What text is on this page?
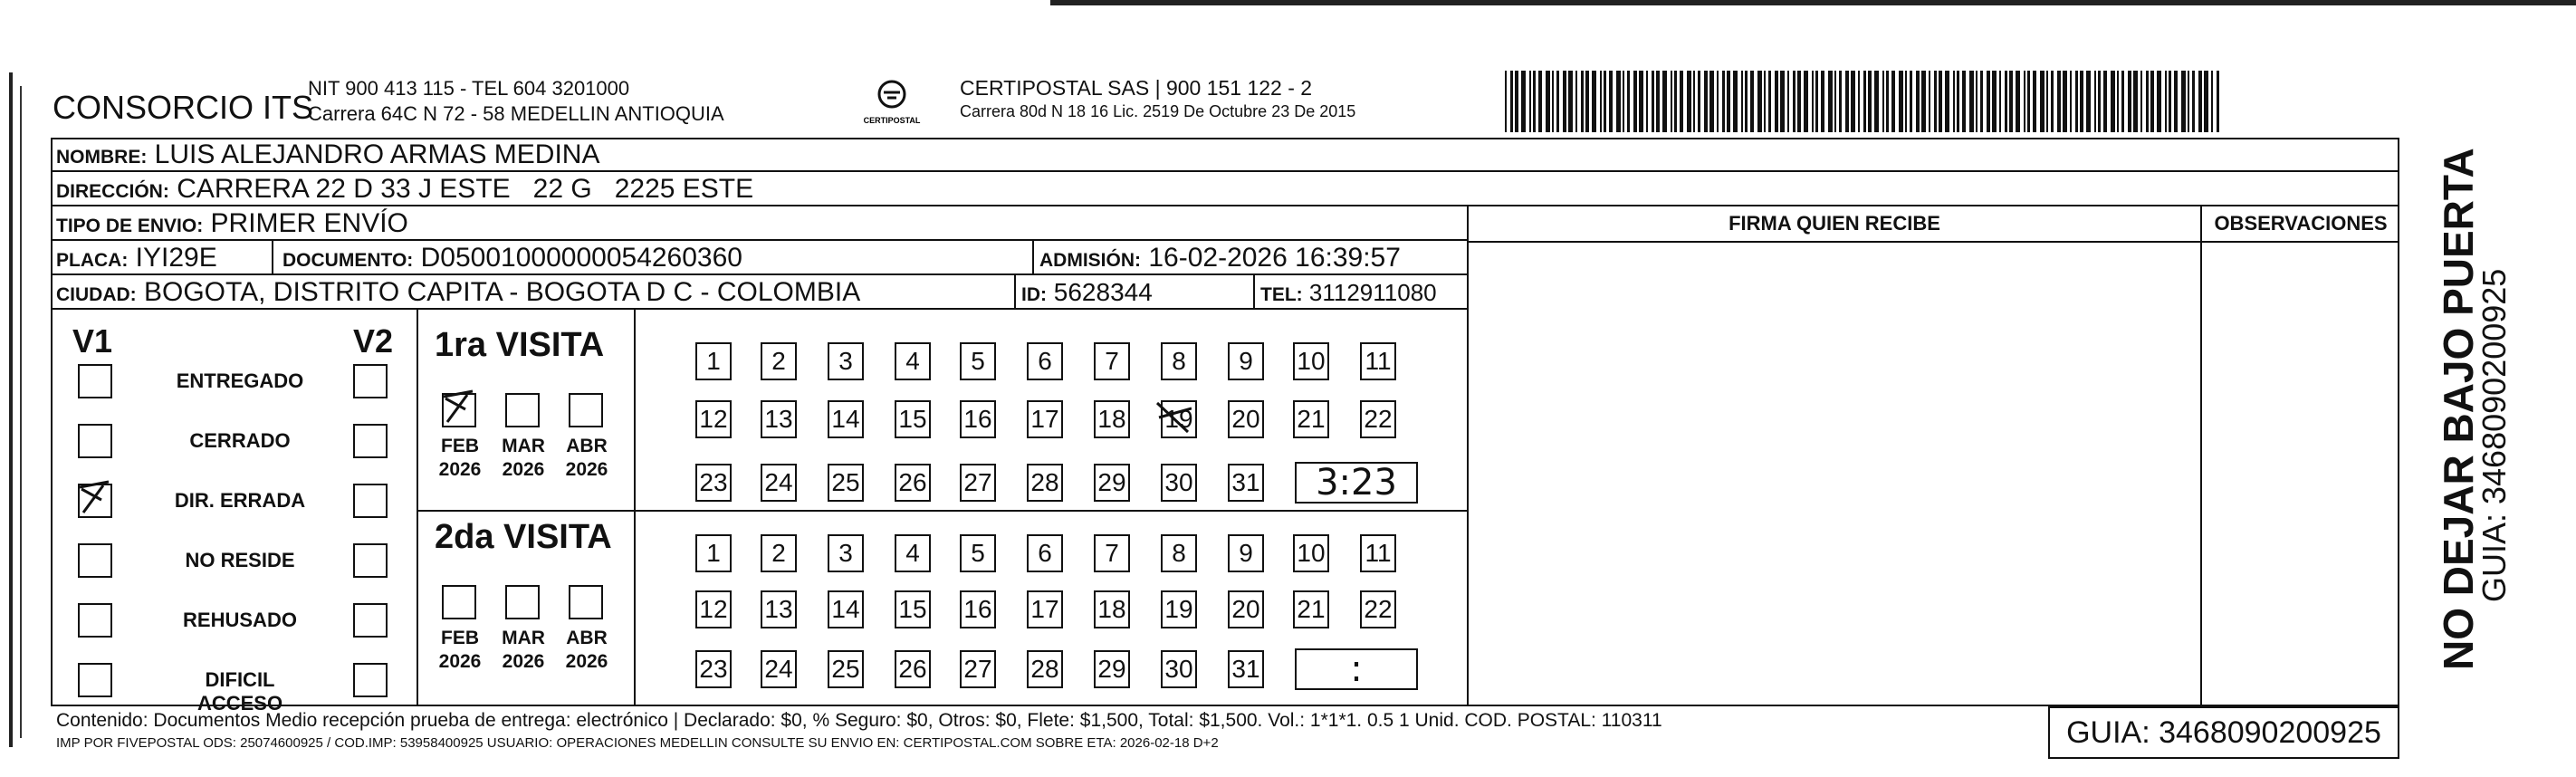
CONSORCIO ITS
NIT 900 413 115 - TEL 604 3201000
Carrera 64C N 72 - 58 MEDELLIN ANTIOQUIA	CERTIPOSTAL
CERTIPOSTAL SAS | 900 151 122 - 2
Carrera 80d N 18 16 Lic. 2519 De Octubre 23 De 2015
NOMBRE: LUIS ALEJANDRO ARMAS MEDINA
DIRECCIÓN: CARRERA 22 D 33 J ESTE   22 G   2225 ESTE
TIPO DE ENVIO: PRIMER ENVÍO
PLACA: IYI29E	DOCUMENTO: D05001000000054260360	ADMISIÓN: 16-02-2026 16:39:57
CIUDAD: BOGOTA, DISTRITO CAPITA - BOGOTA D C - COLOMBIA	ID: 5628344	TEL: 3112911080
FIRMA QUIEN RECIBE	OBSERVACIONES
V1	V2
ENTREGADO
CERRADO
DIR. ERRADA
NO RESIDE
REHUSADO
DIFICIL ACCESO
1ra VISITA
2da VISITA
FEB
2026
MAR
2026
ABR
2026
1	2	3	4	5	6	7	8	9	10 11
12 13 14 15 16 17 18 19 20 21 22
23 24 25 26 27 28 29 30 31	3:23
FEB
2026
MAR
2026
ABR
2026
1	2	3	4	5	6	7	8	9	10 11
12 13 14 15 16 17 18 19 20 21 22
23 24 25 26 27 28 29 30 31	:
Contenido: Documentos Medio recepción prueba de entrega: electrónico | Declarado: $0, % Seguro: $0, Otros: $0, Flete: $1,500, Total: $1,500. Vol.: 1*1*1. 0.5 1 Unid. COD. POSTAL: 110311
IMP POR FIVEPOSTAL ODS: 25074600925 / COD.IMP: 53958400925 USUARIO: OPERACIONES MEDELLIN CONSULTE SU ENVIO EN: CERTIPOSTAL.COM SOBRE ETA: 2026-02-18 D+2	GUIA: 3468090200925
NO DEJAR BAJO PUERTA
GUIA: 3468090200925
